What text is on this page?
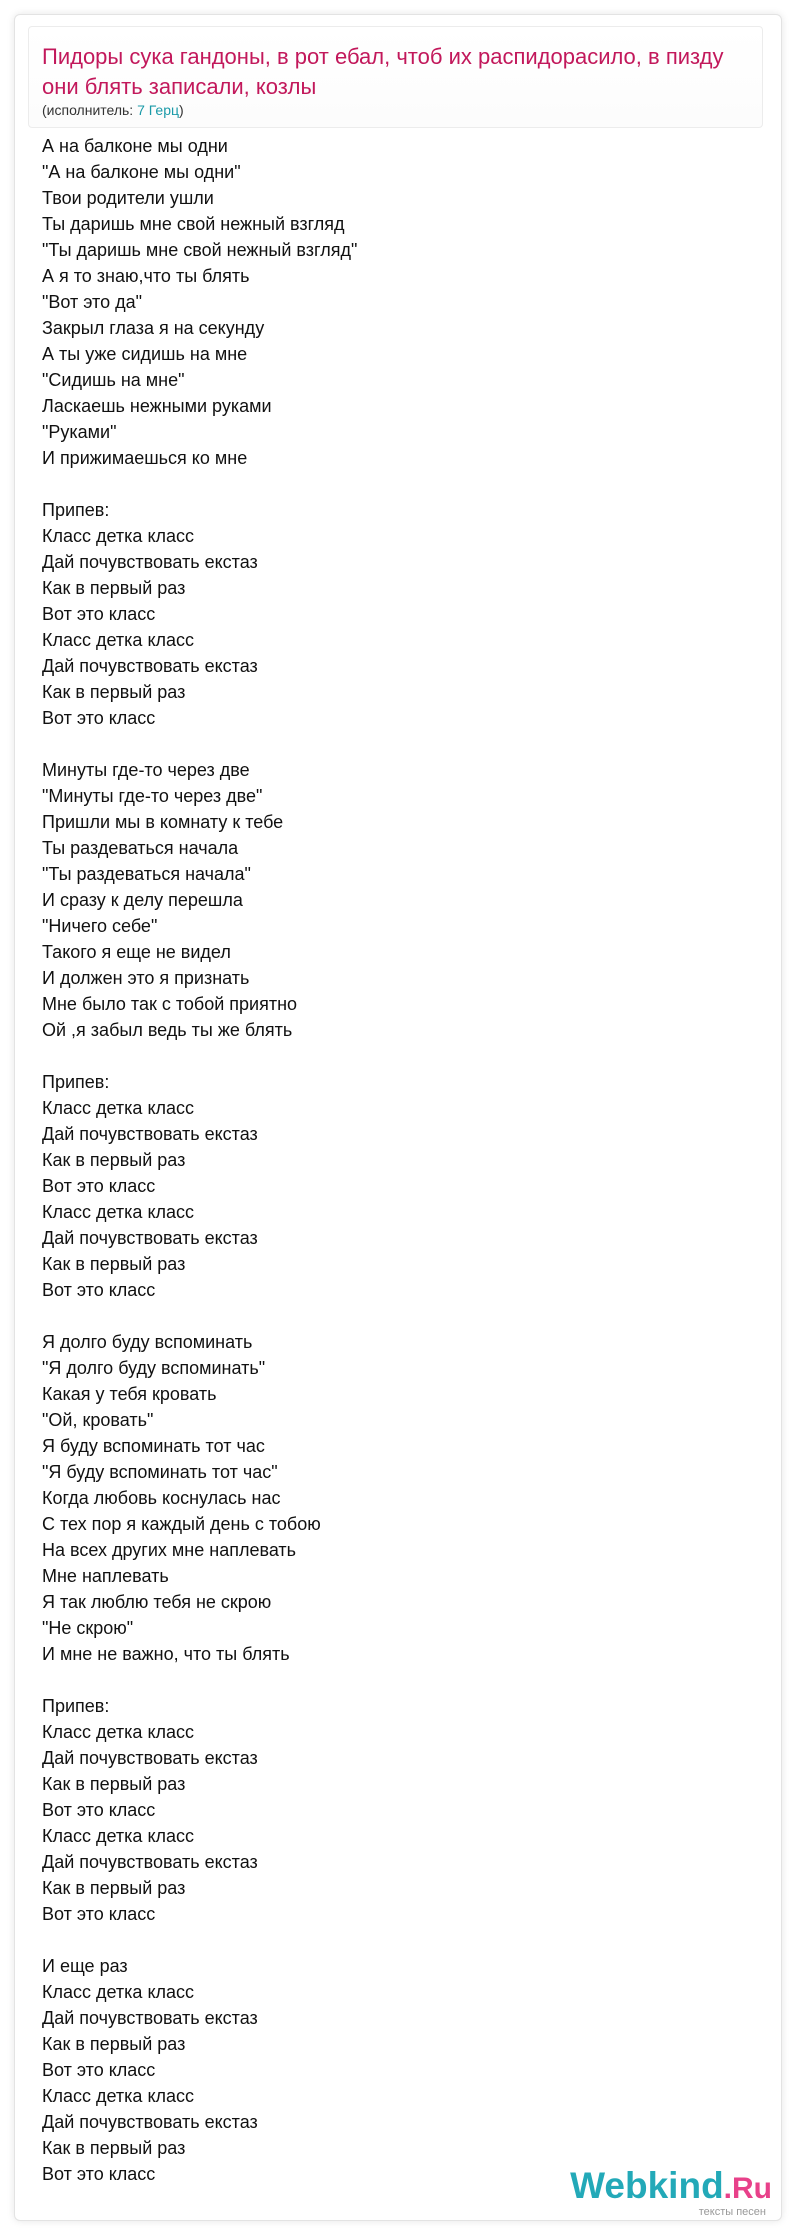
Пидоры сука гандоны, в рот ебал, чтоб их распидорасило, в пизду они блять записали, козлы
(исполнитель: 7 Герц)
А на балконе мы одни
"А на балконе мы одни"
Твои родители ушли
Ты даришь мне свой нежный взгляд
"Ты даришь мне свой нежный взгляд"
А я то знаю,что ты блять
"Вот это да"
Закрыл глаза я на секунду
А ты уже сидишь на мне
"Сидишь на мне"
Ласкаешь нежными руками
"Руками"
И прижимаешься ко мне
Припев:
Класс детка класс
Дай почувствовать екстаз
Как в первый раз
Вот это класс
Класс детка класс
Дай почувствовать екстаз
Как в первый раз
Вот это класс
Минуты где-то через две
"Минуты где-то через две"
Пришли мы в комнату к тебе
Ты раздеваться начала
"Ты раздеваться начала"
И сразу к делу перешла
"Ничего себе"
Такого я еще не видел
И должен это я признать
Мне было так с тобой приятно
Ой ,я забыл ведь ты же блять
Припев:
Класс детка класс
Дай почувствовать екстаз
Как в первый раз
Вот это класс
Класс детка класс
Дай почувствовать екстаз
Как в первый раз
Вот это класс
Я долго буду вспоминать
"Я долго буду вспоминать"
Какая у тебя кровать
"Ой, кровать"
Я буду вспоминать тот час
"Я буду вспоминать тот час"
Когда любовь коснулась нас
С тех пор я каждый день с тобою
На всех других мне наплевать
Мне наплевать
Я так люблю тебя не скрою
"Не скрою"
И мне не важно, что ты блять
Припев:
Класс детка класс
Дай почувствовать екстаз
Как в первый раз
Вот это класс
Класс детка класс
Дай почувствовать екстаз
Как в первый раз
Вот это класс
И еще раз
Класс детка класс
Дай почувствовать екстаз
Как в первый раз
Вот это класс
Класс детка класс
Дай почувствовать екстаз
Как в первый раз
Вот это класс	Webkind.Ru
тексты песен
